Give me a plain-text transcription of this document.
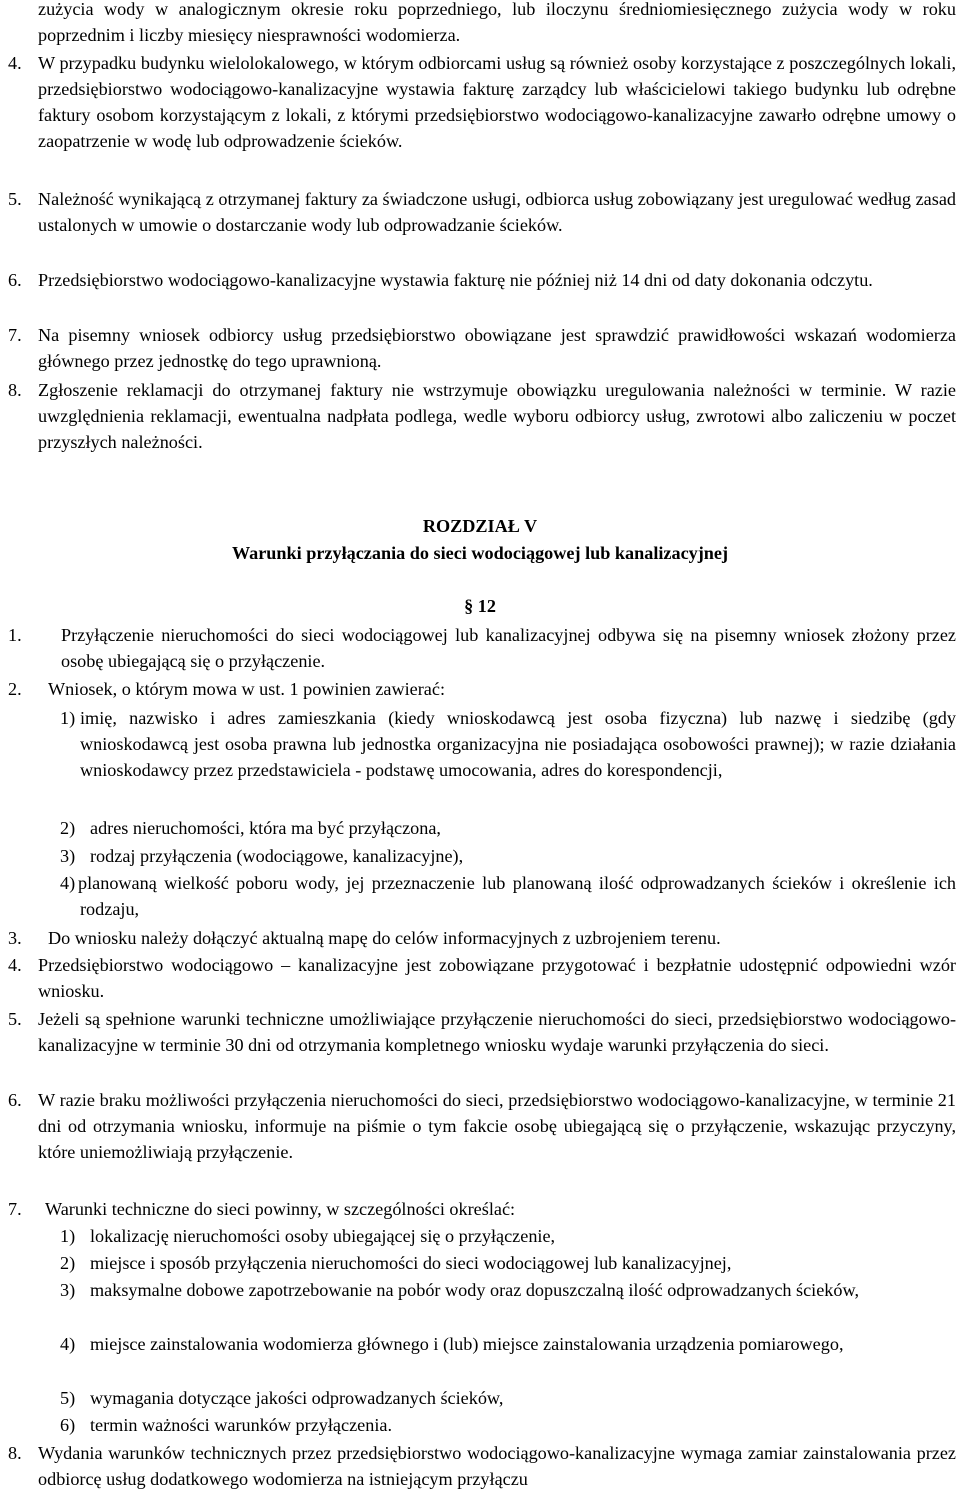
zużycia wody w analogicznym okresie roku poprzedniego, lub iloczynu średniomiesięcznego zużycia wody w roku poprzednim i liczby miesięcy niesprawności wodomierza.

4. W przypadku budynku wielolokalowego, w którym odbiorcami usług są również osoby korzystające z poszczególnych lokali, przedsiębiorstwo wodociągowo-kanalizacyjne wystawia fakturę zarządcy lub właścicielowi takiego budynku lub odrębne faktury osobom korzystającym z lokali, z którymi przedsiębiorstwo wodociągowo-kanalizacyjne zawarło odrębne umowy o zaopatrzenie w wodę lub odprowadzenie ścieków.

5. Należność wynikającą z otrzymanej faktury za świadczone usługi, odbiorca usług zobowiązany jest uregulować według zasad ustalonych w umowie o dostarczanie wody lub odprowadzanie ścieków.

6. Przedsiębiorstwo wodociągowo-kanalizacyjne wystawia fakturę nie później niż 14 dni od daty dokonania odczytu.

7. Na pisemny wniosek odbiorcy usług przedsiębiorstwo obowiązane jest sprawdzić prawidłowości wskazań wodomierza głównego przez jednostkę do tego uprawnioną.

8. Zgłoszenie reklamacji do otrzymanej faktury nie wstrzymuje obowiązku uregulowania należności w terminie. W razie uwzględnienia reklamacji, ewentualna nadpłata podlega, wedle wyboru odbiorcy usług, zwrotowi albo zaliczeniu w poczet przyszłych należności.

ROZDZIAŁ V

Warunki przyłączania do sieci wodociągowej lub kanalizacyjnej

§ 12

1. Przyłączenie nieruchomości do sieci wodociągowej lub kanalizacyjnej odbywa się na pisemny wniosek złożony przez osobę ubiegającą się o przyłączenie.

2. Wniosek, o którym mowa w ust. 1 powinien zawierać:

1) imię, nazwisko i adres zamieszkania (kiedy wnioskodawcą jest osoba fizyczna) lub nazwę i siedzibę (gdy wnioskodawcą jest osoba prawna lub jednostka organizacyjna nie posiadająca osobowości prawnej); w razie działania wnioskodawcy przez przedstawiciela - podstawę umocowania, adres do korespondencji,
2) adres nieruchomości, która ma być przyłączona,
3) rodzaj przyłączenia (wodociągowe, kanalizacyjne),
4) planowaną wielkość poboru wody, jej przeznaczenie lub planowaną ilość odprowadzanych ścieków i określenie ich rodzaju,

3. Do wniosku należy dołączyć aktualną mapę do celów informacyjnych z uzbrojeniem terenu.

4. Przedsiębiorstwo wodociągowo – kanalizacyjne jest zobowiązane przygotować i bezpłatnie udostępnić odpowiedni wzór wniosku.

5. Jeżeli są spełnione warunki techniczne umożliwiające przyłączenie nieruchomości do sieci, przedsiębiorstwo wodociągowo-kanalizacyjne w terminie 30 dni od otrzymania kompletnego wniosku wydaje warunki przyłączenia do sieci.

6. W razie braku możliwości przyłączenia nieruchomości do sieci, przedsiębiorstwo wodociągowo-kanalizacyjne, w terminie 21 dni od otrzymania wniosku, informuje na piśmie o tym fakcie osobę ubiegającą się o przyłączenie, wskazując przyczyny, które uniemożliwiają przyłączenie.

7. Warunki techniczne do sieci powinny, w szczególności określać:

1) lokalizację nieruchomości osoby ubiegającej się o przyłączenie,
2) miejsce i sposób przyłączenia nieruchomości do sieci wodociągowej lub kanalizacyjnej,
3) maksymalne dobowe zapotrzebowanie na pobór wody oraz dopuszczalną ilość odprowadzanych ścieków,
4) miejsce zainstalowania wodomierza głównego i (lub) miejsce zainstalowania urządzenia pomiarowego,
5) wymagania dotyczące jakości odprowadzanych ścieków,
6) termin ważności warunków przyłączenia.

8. Wydania warunków technicznych przez przedsiębiorstwo wodociągowo-kanalizacyjne wymaga zamiar zainstalowania przez odbiorcę usług dodatkowego wodomierza na istniejącym przyłączu
